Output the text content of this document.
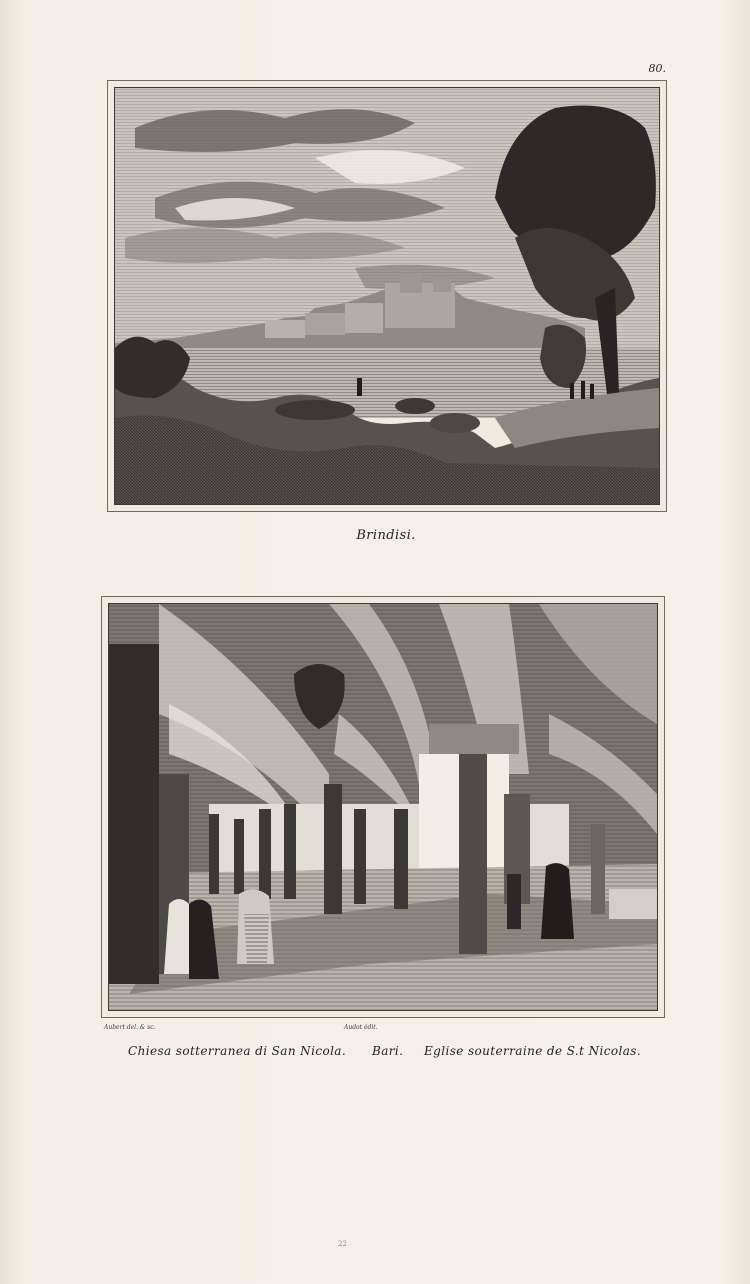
80.
Brindisi.
Aubert del. & sc.	Audot édit.
Chiesa sotterranea di San Nicola. Bari. Eglise souterraine de S.t Nicolas.
22
